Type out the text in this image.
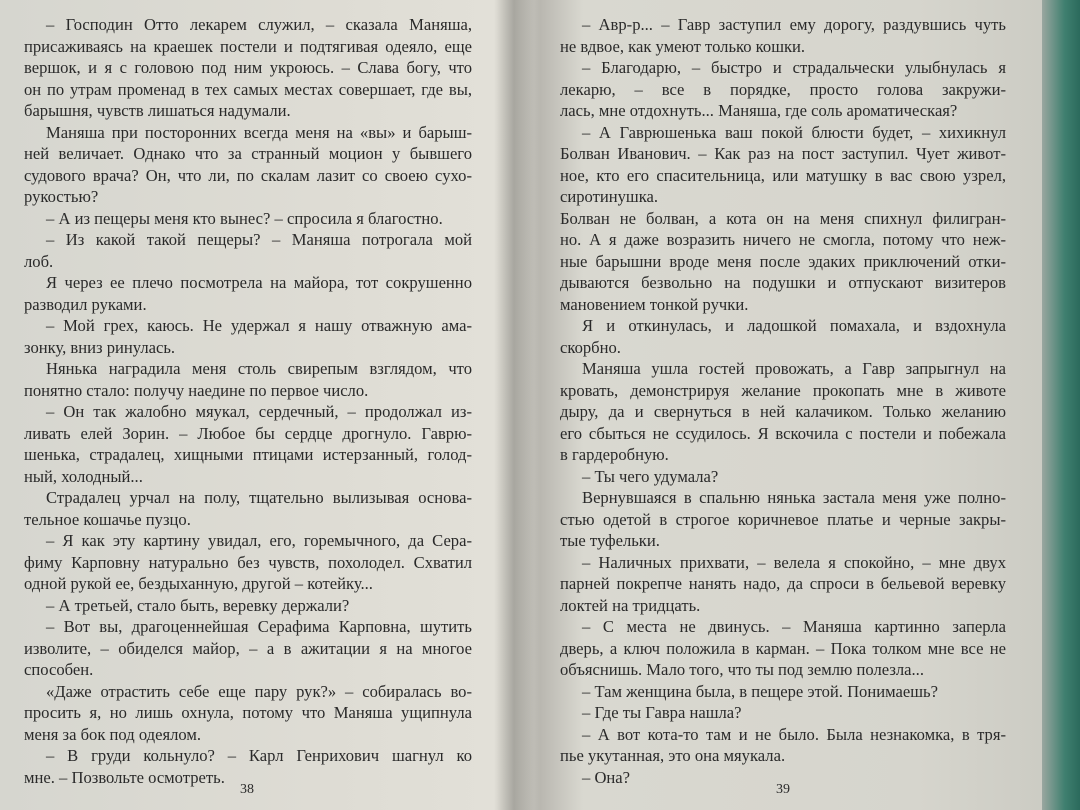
– Господин Отто лекарем служил, – сказала Маняша,
присаживаясь на краешек постели и подтягивая одеяло, еще
вершок, и я с головою под ним укроюсь. – Слава богу, что
он по утрам променад в тех самых местах совершает, где вы,
барышня, чувств лишаться надумали.
Маняша при посторонних всегда меня на «вы» и барыш-
ней величает. Однако что за странный моцион у бывшего
судового врача? Он, что ли, по скалам лазит со своею сухо-
рукостью?
– А из пещеры меня кто вынес? – спросила я благостно.
– Из какой такой пещеры? – Маняша потрогала мой
лоб.
Я через ее плечо посмотрела на майора, тот сокрушенно
разводил руками.
– Мой грех, каюсь. Не удержал я нашу отважную ама-
зонку, вниз ринулась.
Нянька наградила меня столь свирепым взглядом, что
понятно стало: получу наедине по первое число.
– Он так жалобно мяукал, сердечный, – продолжал из-
ливать елей Зорин. – Любое бы сердце дрогнуло. Гаврю-
шенька, страдалец, хищными птицами истерзанный, голод-
ный, холодный...
Страдалец урчал на полу, тщательно вылизывая основа-
тельное кошачье пузцо.
– Я как эту картину увидал, его, горемычного, да Сера-
фиму Карповну натурально без чувств, похолодел. Схватил
одной рукой ее, бездыханную, другой – котейку...
– А третьей, стало быть, веревку держали?
– Вот вы, драгоценнейшая Серафима Карповна, шутить
изволите, – обиделся майор, – а в ажитации я на многое
способен.
«Даже отрастить себе еще пару рук?» – собиралась во-
просить я, но лишь охнула, потому что Маняша ущипнула
меня за бок под одеялом.
– В груди кольнуло? – Карл Генрихович шагнул ко
мне. – Позвольте осмотреть.
– Авр-р... – Гавр заступил ему дорогу, раздувшись чуть
не вдвое, как умеют только кошки.
– Благодарю, – быстро и страдальчески улыбнулась я
лекарю, – все в порядке, просто голова закружи-
лась, мне отдохнуть... Маняша, где соль ароматическая?
– А Гаврюшенька ваш покой блюсти будет, – хихикнул
Болван Иванович. – Как раз на пост заступил. Чует живот-
ное, кто его спасительница, или матушку в вас свою узрел,
сиротинушка.
Болван не болван, а кота он на меня спихнул филигран-
но. А я даже возразить ничего не смогла, потому что неж-
ные барышни вроде меня после эдаких приключений отки-
дываются безвольно на подушки и отпускают визитеров
мановением тонкой ручки.
Я и откинулась, и ладошкой помахала, и вздохнула
скорбно.
Маняша ушла гостей провожать, а Гавр запрыгнул на
кровать, демонстрируя желание прокопать мне в животе
дыру, да и свернуться в ней калачиком. Только желанию
его сбыться не ссудилось. Я вскочила с постели и побежала
в гардеробную.
– Ты чего удумала?
Вернувшаяся в спальню нянька застала меня уже полно-
стью одетой в строгое коричневое платье и черные закры-
тые туфельки.
– Наличных прихвати, – велела я спокойно, – мне двух
парней покрепче нанять надо, да спроси в бельевой веревку
локтей на тридцать.
– С места не двинусь. – Маняша картинно заперла
дверь, а ключ положила в карман. – Пока толком мне все не
объяснишь. Мало того, что ты под землю полезла...
– Там женщина была, в пещере этой. Понимаешь?
– Где ты Гавра нашла?
– А вот кота-то там и не было. Была незнакомка, в тря-
пье укутанная, это она мяукала.
– Она?
38	39
